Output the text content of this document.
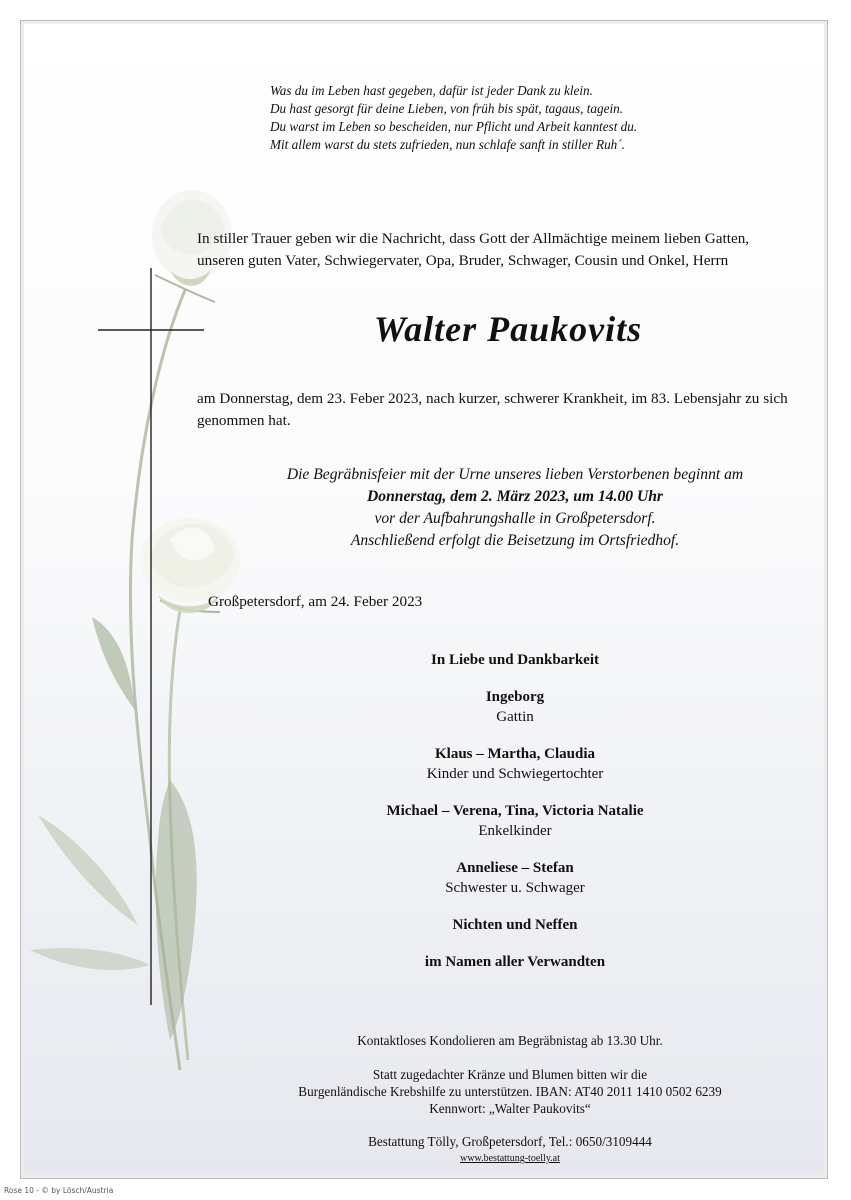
Was du im Leben hast gegeben, dafür ist jeder Dank zu klein.
Du hast gesorgt für deine Lieben, von früh bis spät, tagaus, tagein.
Du warst im Leben so bescheiden, nur Pflicht und Arbeit kanntest du.
Mit allem warst du stets zufrieden, nun schlafe sanft in stiller Ruh´.
In stiller Trauer geben wir die Nachricht, dass Gott der Allmächtige meinem lieben Gatten,
unseren guten Vater, Schwiegervater, Opa, Bruder, Schwager, Cousin und Onkel, Herrn
Walter Paukovits
am Donnerstag, dem 23. Feber 2023, nach kurzer, schwerer Krankheit, im 83. Lebensjahr zu sich genommen hat.
Die Begräbnisfeier mit der Urne unseres lieben Verstorbenen beginnt am
Donnerstag, dem 2. März 2023, um 14.00 Uhr
vor der Aufbahrungshalle in Großpetersdorf.
Anschließend erfolgt die Beisetzung im Ortsfriedhof.
Großpetersdorf, am 24. Feber 2023
In Liebe und Dankbarkeit
Ingeborg
Gattin
Klaus – Martha, Claudia
Kinder und Schwiegertochter
Michael – Verena, Tina, Victoria Natalie
Enkelkinder
Anneliese – Stefan
Schwester u. Schwager
Nichten und Neffen
im Namen aller Verwandten
Kontaktloses Kondolieren am Begräbnistag ab 13.30 Uhr.
Statt zugedachter Kränze und Blumen bitten wir die
Burgenländische Krebshilfe zu unterstützen. IBAN: AT40 2011 1410 0502 6239
Kennwort: „Walter Paukovits“
Bestattung Tölly, Großpetersdorf, Tel.: 0650/3109444
www.bestattung-toelly.at
Rose 10 - © by Lösch/Austria
